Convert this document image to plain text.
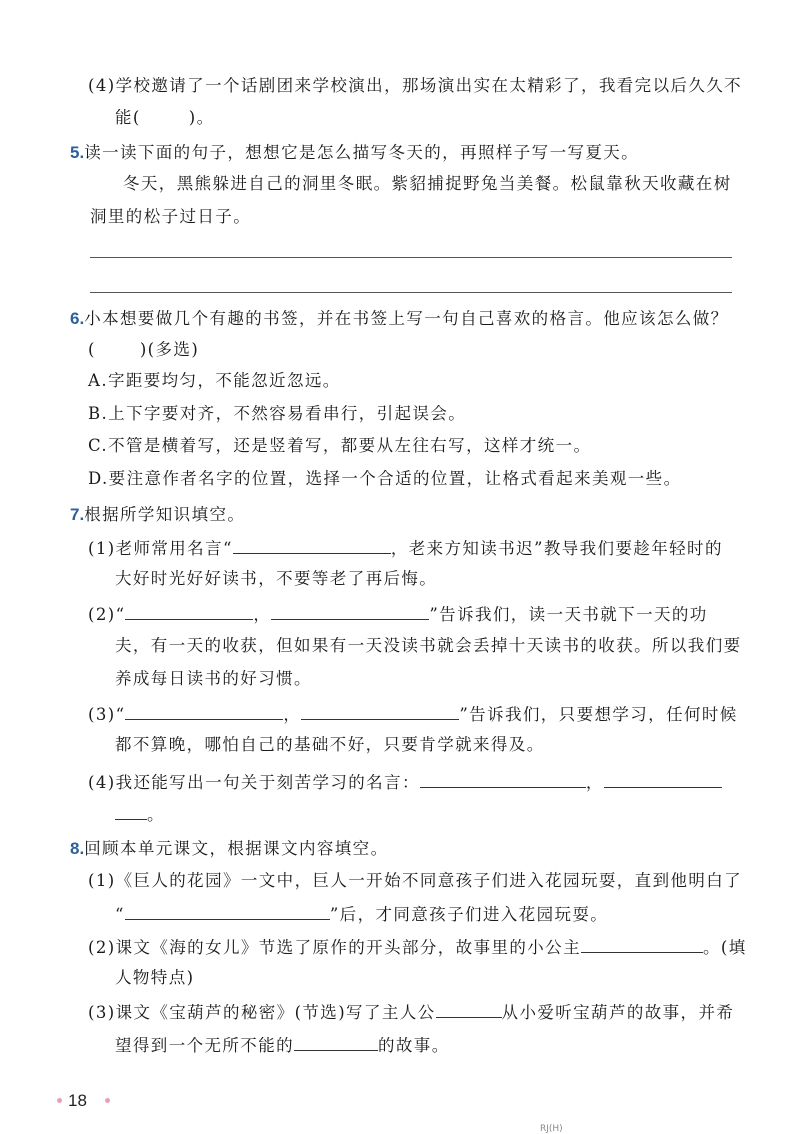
(4)学校邀请了一个话剧团来学校演出，那场演出实在太精彩了，我看完以后久久不
能(	)。
5.读一读下面的句子，想想它是怎么描写冬天的，再照样子写一写夏天。
冬天，黑熊躲进自己的洞里冬眠。紫貂捕捉野兔当美餐。松鼠靠秋天收藏在树
洞里的松子过日子。
6.小本想要做几个有趣的书签，并在书签上写一句自己喜欢的格言。他应该怎么做？
(	)(多选)
A.字距要均匀，不能忽近忽远。
B.上下字要对齐，不然容易看串行，引起误会。
C.不管是横着写，还是竖着写，都要从左往右写，这样才统一。
D.要注意作者名字的位置，选择一个合适的位置，让格式看起来美观一些。
7.根据所学知识填空。
(1)老师常用名言“	，老来方知读书迟”教导我们要趁年轻时的
大好时光好好读书，不要等老了再后悔。
(2)“	，	”告诉我们，读一天书就下一天的功
夫，有一天的收获，但如果有一天没读书就会丢掉十天读书的收获。所以我们要
养成每日读书的好习惯。
(3)“	，	”告诉我们，只要想学习，任何时候
都不算晚，哪怕自己的基础不好，只要肯学就来得及。
(4)我还能写出一句关于刻苦学习的名言：	，
。
8.回顾本单元课文，根据课文内容填空。
(1)《巨人的花园》一文中，巨人一开始不同意孩子们进入花园玩耍，直到他明白了
“	”后，才同意孩子们进入花园玩耍。
(2)课文《海的女儿》节选了原作的开头部分，故事里的小公主	。(填
人物特点)
(3)课文《宝葫芦的秘密》(节选)写了主人公	从小爱听宝葫芦的故事，并希
望得到一个无所不能的	的故事。
18
RJ(H)
